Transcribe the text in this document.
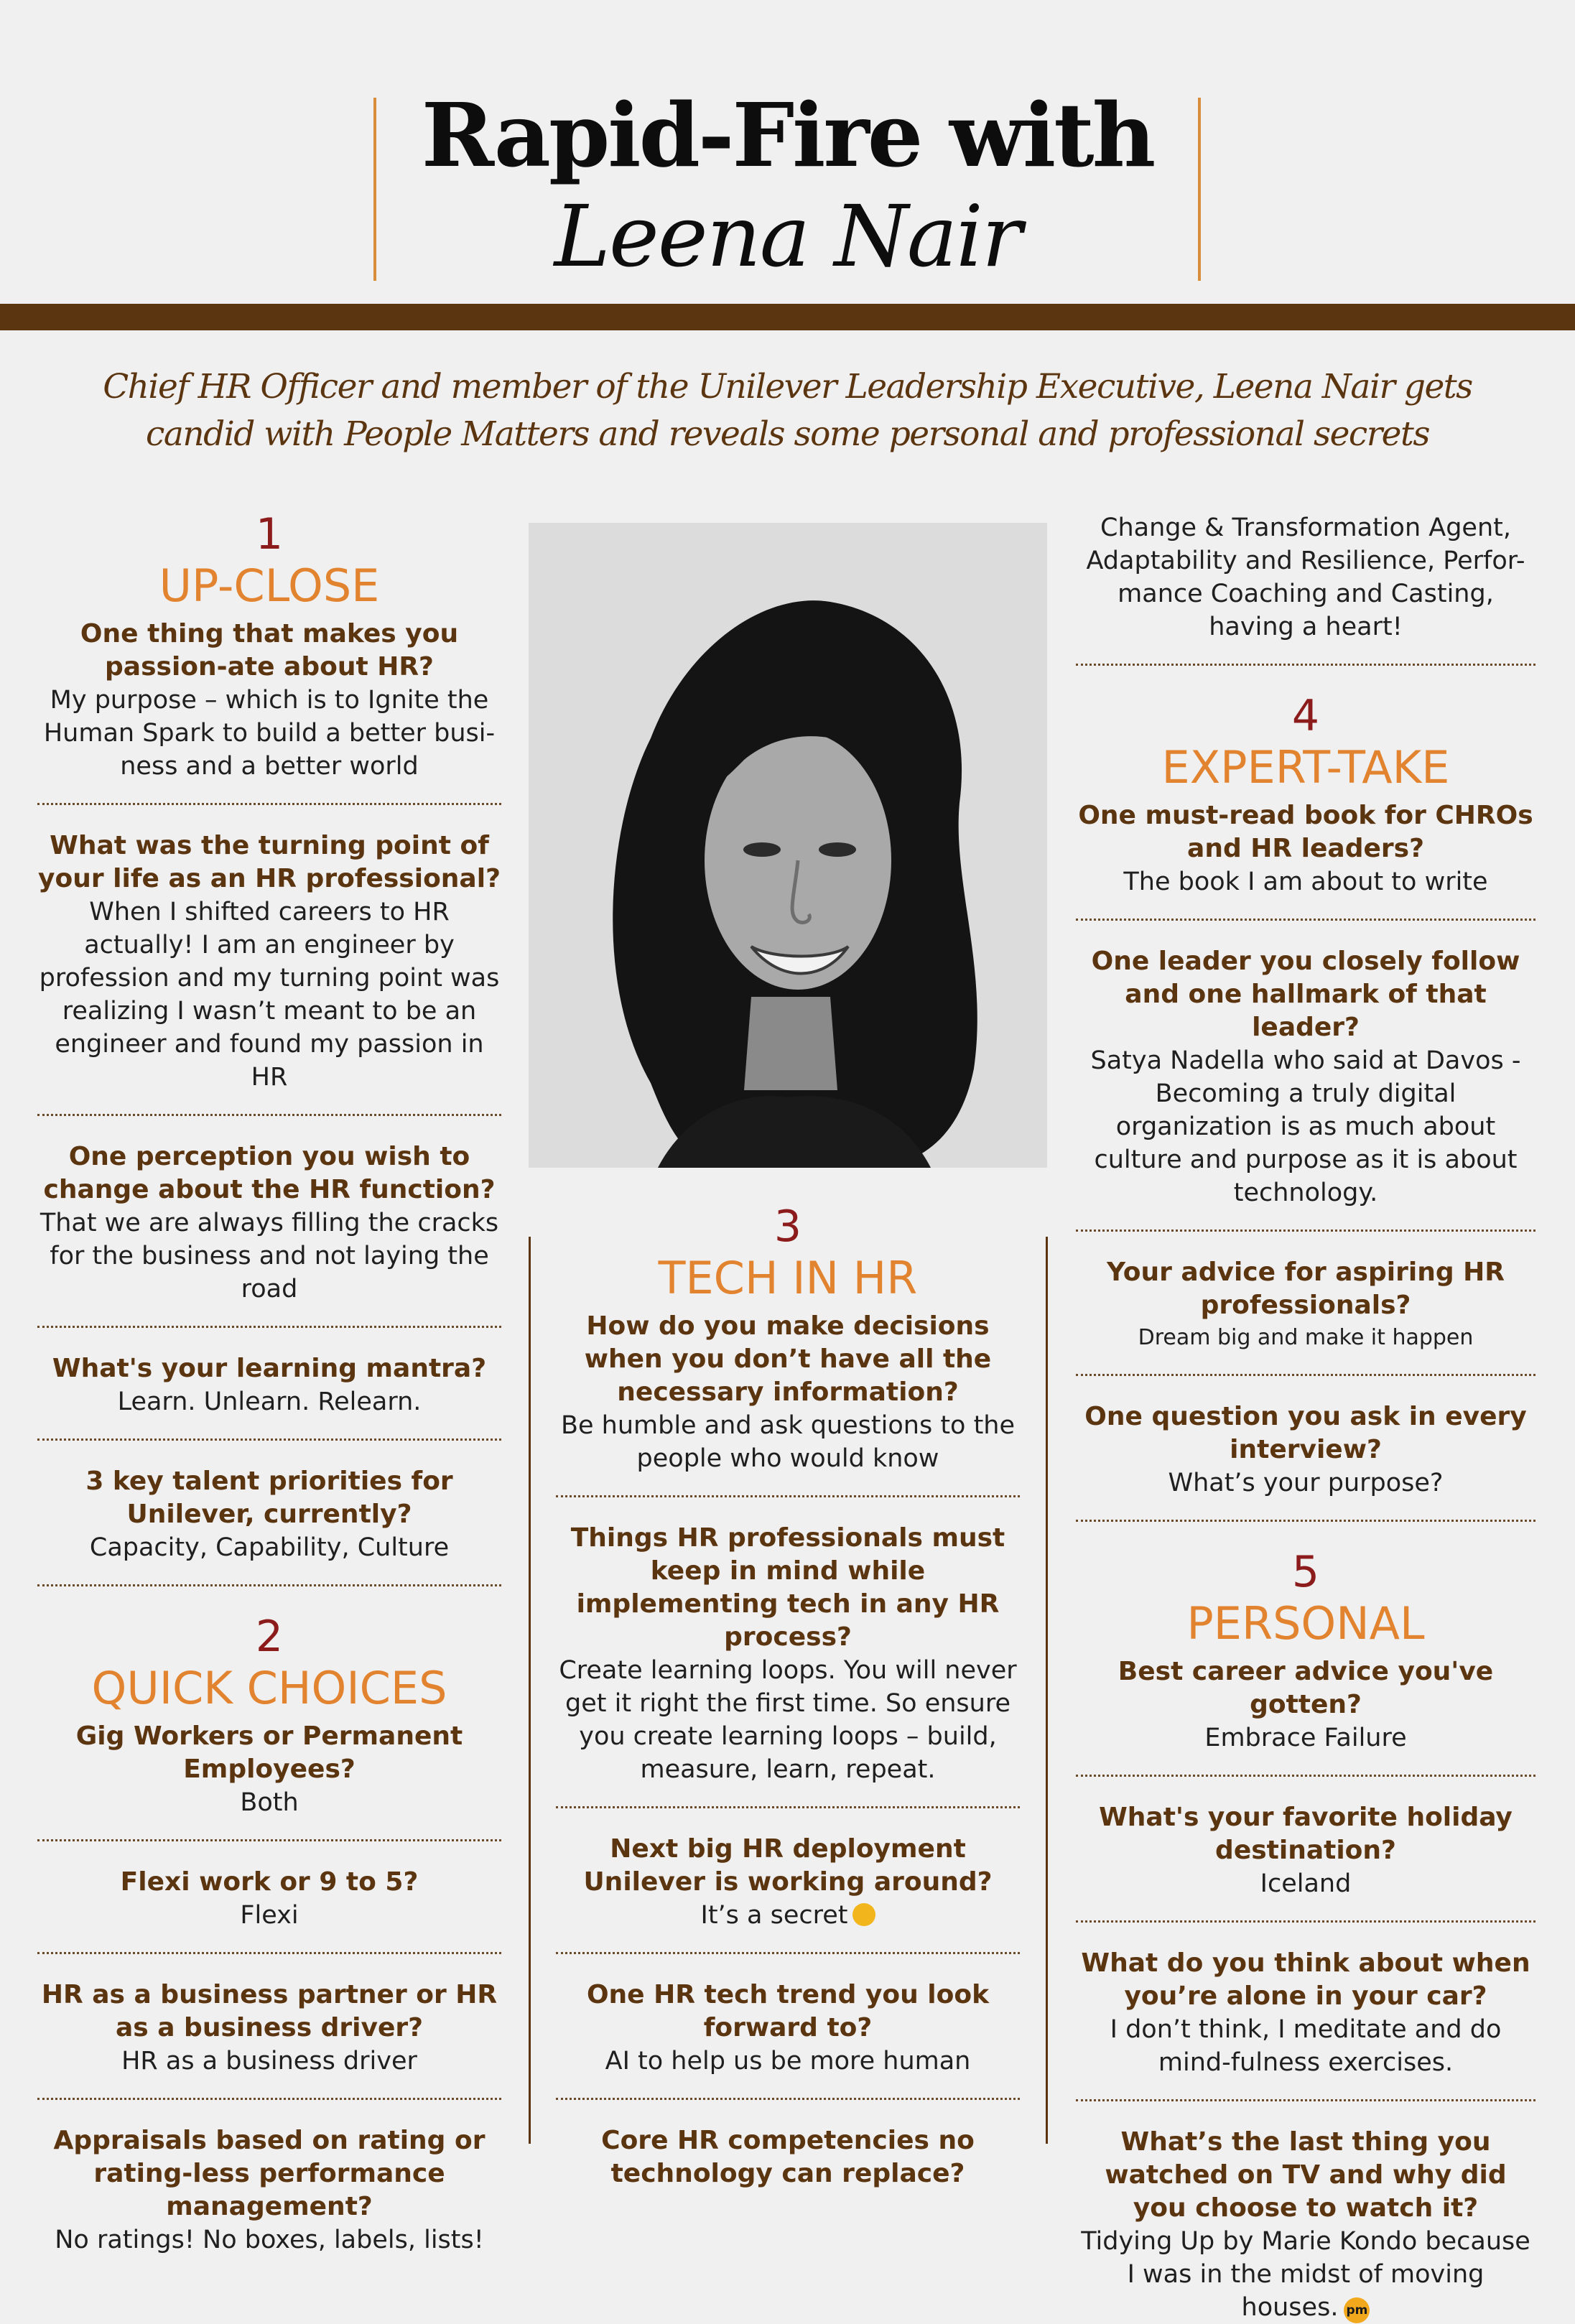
Rapid-Fire with
Leena Nair
Chief HR Officer and member of the Unilever Leadership Executive, Leena Nair gets candid with People Matters and reveals some personal and professional secrets
1
UP-CLOSE
One thing that makes you passion-ate about HR?
My purpose – which is to Ignite the Human Spark to build a better busi-ness and a better world
What was the turning point of your life as an HR professional?
When I shifted careers to HR actually! I am an engineer by profession and my turning point was realizing I wasn’t meant to be an engineer and found my passion in HR
One perception you wish to change about the HR function?
That we are always filling the cracks for the business and not laying the road
What's your learning mantra?
Learn. Unlearn. Relearn.
3 key talent priorities for Unilever, currently?
Capacity, Capability, Culture
2
QUICK CHOICES
Gig Workers or Permanent Employees?
Both
Flexi work or 9 to 5?
Flexi
HR as a business partner or HR as a business driver?
HR as a business driver
Appraisals based on rating or rating-less performance management?
No ratings! No boxes, labels, lists!
3
TECH IN HR
How do you make decisions when you don’t have all the necessary information?
Be humble and ask questions to the people who would know
Things HR professionals must keep in mind while implementing tech in any HR process?
Create learning loops. You will never get it right the first time. So ensure you create learning loops – build, measure, learn, repeat.
Next big HR deployment Unilever is working around?
It’s a secret
One HR tech trend you look forward to?
AI to help us be more human
Core HR competencies no technology can replace?
Change & Transformation Agent, Adaptability and Resilience, Perfor-mance Coaching and Casting, having a heart!
4
EXPERT-TAKE
One must-read book for CHROs and HR leaders?
The book I am about to write
One leader you closely follow and one hallmark of that leader?
Satya Nadella who said at Davos - Becoming a truly digital organization is as much about culture and purpose as it is about technology.
Your advice for aspiring HR professionals?
Dream big and make it happen
One question you ask in every interview?
What’s your purpose?
5
PERSONAL
Best career advice you've gotten?
Embrace Failure
What's your favorite holiday destination?
Iceland
What do you think about when you’re alone in your car?
I don’t think, I meditate and do mind-fulness exercises.
What’s the last thing you watched on TV and why did you choose to watch it?
Tidying Up by Marie Kondo because I was in the midst of moving houses. pm
